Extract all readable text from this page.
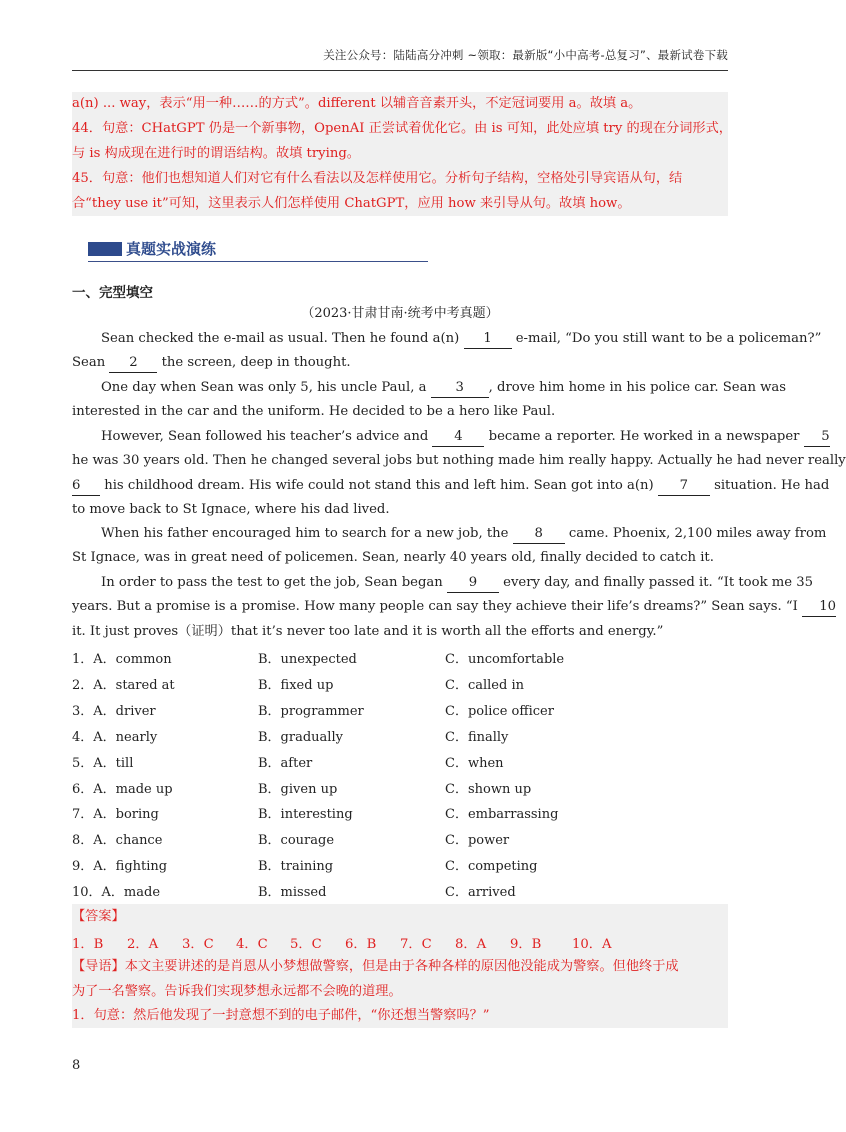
关注公众号：陆陆高分冲刺 ~领取：最新版“小中高考-总复习”、最新试卷下载
a(n) ... way，表示“用一种……的方式”。different 以辅音音素开头，不定冠词要用 a。故填 a。
44．句意：CHatGPT 仍是一个新事物，OpenAI 正尝试着优化它。由 is 可知，此处应填 try 的现在分词形式，
与 is 构成现在进行时的谓语结构。故填 trying。
45．句意：他们也想知道人们对它有什么看法以及怎样使用它。分析句子结构，空格处引导宾语从句，结
合“they use it”可知，这里表示人们怎样使用 ChatGPT，应用 how 来引导从句。故填 how。
真题实战演练
一、完型填空
（2023·甘肃甘南·统考中考真题）
Sean checked the e-mail as usual. Then he found a(n) 1 e-mail, “Do you still want to be a policeman?”
Sean 2 the screen, deep in thought.
One day when Sean was only 5, his uncle Paul, a 3 , drove him home in his police car. Sean was
interested in the car and the uniform. He decided to be a hero like Paul.
However, Sean followed his teacher’s advice and 4 became a reporter. He worked in a newspaper 5
he was 30 years old. Then he changed several jobs but nothing made him really happy. Actually he had never really
6 his childhood dream. His wife could not stand this and left him. Sean got into a(n) 7 situation. He had
to move back to St Ignace, where his dad lived.
When his father encouraged him to search for a new job, the 8 came. Phoenix, 2,100 miles away from
St Ignace, was in great need of policemen. Sean, nearly 40 years old, finally decided to catch it.
In order to pass the test to get the job, Sean began 9 every day, and finally passed it. “It took me 35
years. But a promise is a promise. How many people can say they achieve their life’s dreams?” Sean says. “I 10
it. It just proves（证明）that it’s never too late and it is worth all the efforts and energy.”
1．A．common	B．unexpected	C．uncomfortable
2．A．stared at	B．fixed up	C．called in
3．A．driver	B．programmer	C．police officer
4．A．nearly	B．gradually	C．finally
5．A．till	B．after	C．when
6．A．made up	B．given up	C．shown up
7．A．boring	B．interesting	C．embarrassing
8．A．chance	B．courage	C．power
9．A．fighting	B．training	C．competing
10．A．made	B．missed	C．arrived
【答案】
1．B 2．A 3．C 4．C 5．C 6．B 7．C 8．A 9．B 10．A
【导语】本文主要讲述的是肖恩从小梦想做警察，但是由于各种各样的原因他没能成为警察。但他终于成
为了一名警察。告诉我们实现梦想永远都不会晚的道理。
1．句意：然后他发现了一封意想不到的电子邮件，“你还想当警察吗？”
8
